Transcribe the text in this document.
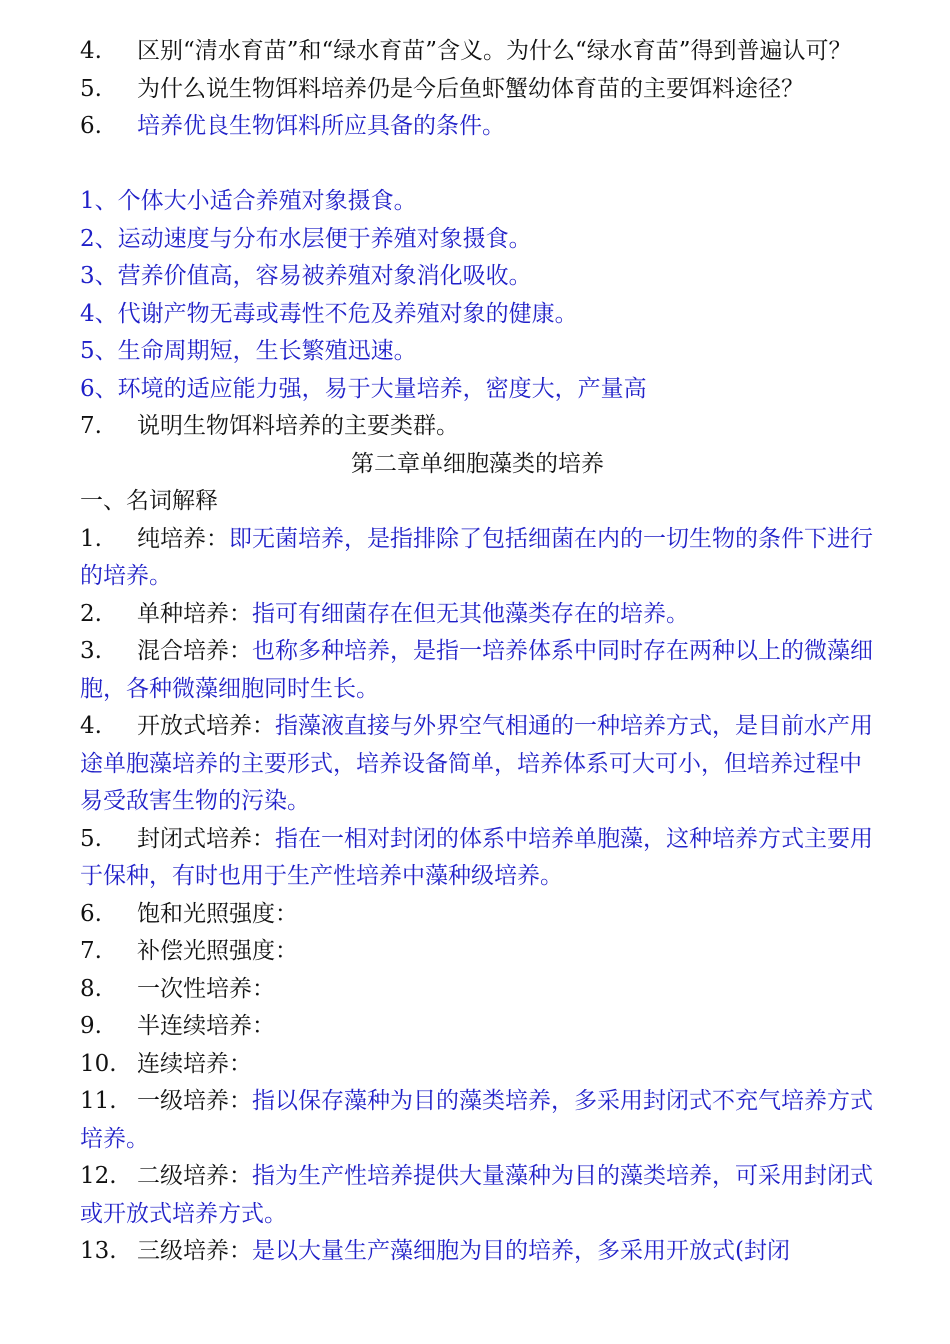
4. 区别“清水育苗”和“绿水育苗”含义。为什么“绿水育苗”得到普遍认可？

5. 为什么说生物饵料培养仍是今后鱼虾蟹幼体育苗的主要饵料途径？

6. 培养优良生物饵料所应具备的条件。

1、个体大小适合养殖对象摄食。

2、运动速度与分布水层便于养殖对象摄食。

3、营养价值高，容易被养殖对象消化吸收。

4、代谢产物无毒或毒性不危及养殖对象的健康。

5、生命周期短，生长繁殖迅速。

6、环境的适应能力强，易于大量培养，密度大，产量高

7. 说明生物饵料培养的主要类群。

第二章单细胞藻类的培养

一、名词解释

1. 纯培养：即无菌培养，是指排除了包括细菌在内的一切生物的条件下进行的培养。

2. 单种培养：指可有细菌存在但无其他藻类存在的培养。

3. 混合培养：也称多种培养，是指一培养体系中同时存在两种以上的微藻细胞，各种微藻细胞同时生长。

4. 开放式培养：指藻液直接与外界空气相通的一种培养方式，是目前水产用途单胞藻培养的主要形式，培养设备简单，培养体系可大可小，但培养过程中易受敌害生物的污染。

5. 封闭式培养：指在一相对封闭的体系中培养单胞藻，这种培养方式主要用于保种，有时也用于生产性培养中藻种级培养。

6. 饱和光照强度：

7. 补偿光照强度：

8. 一次性培养：

9. 半连续培养：

10. 连续培养：

11. 一级培养：指以保存藻种为目的藻类培养，多采用封闭式不充气培养方式培养。

12. 二级培养：指为生产性培养提供大量藻种为目的藻类培养，可采用封闭式或开放式培养方式。

13. 三级培养：是以大量生产藻细胞为目的培养，多采用开放式(封闭
